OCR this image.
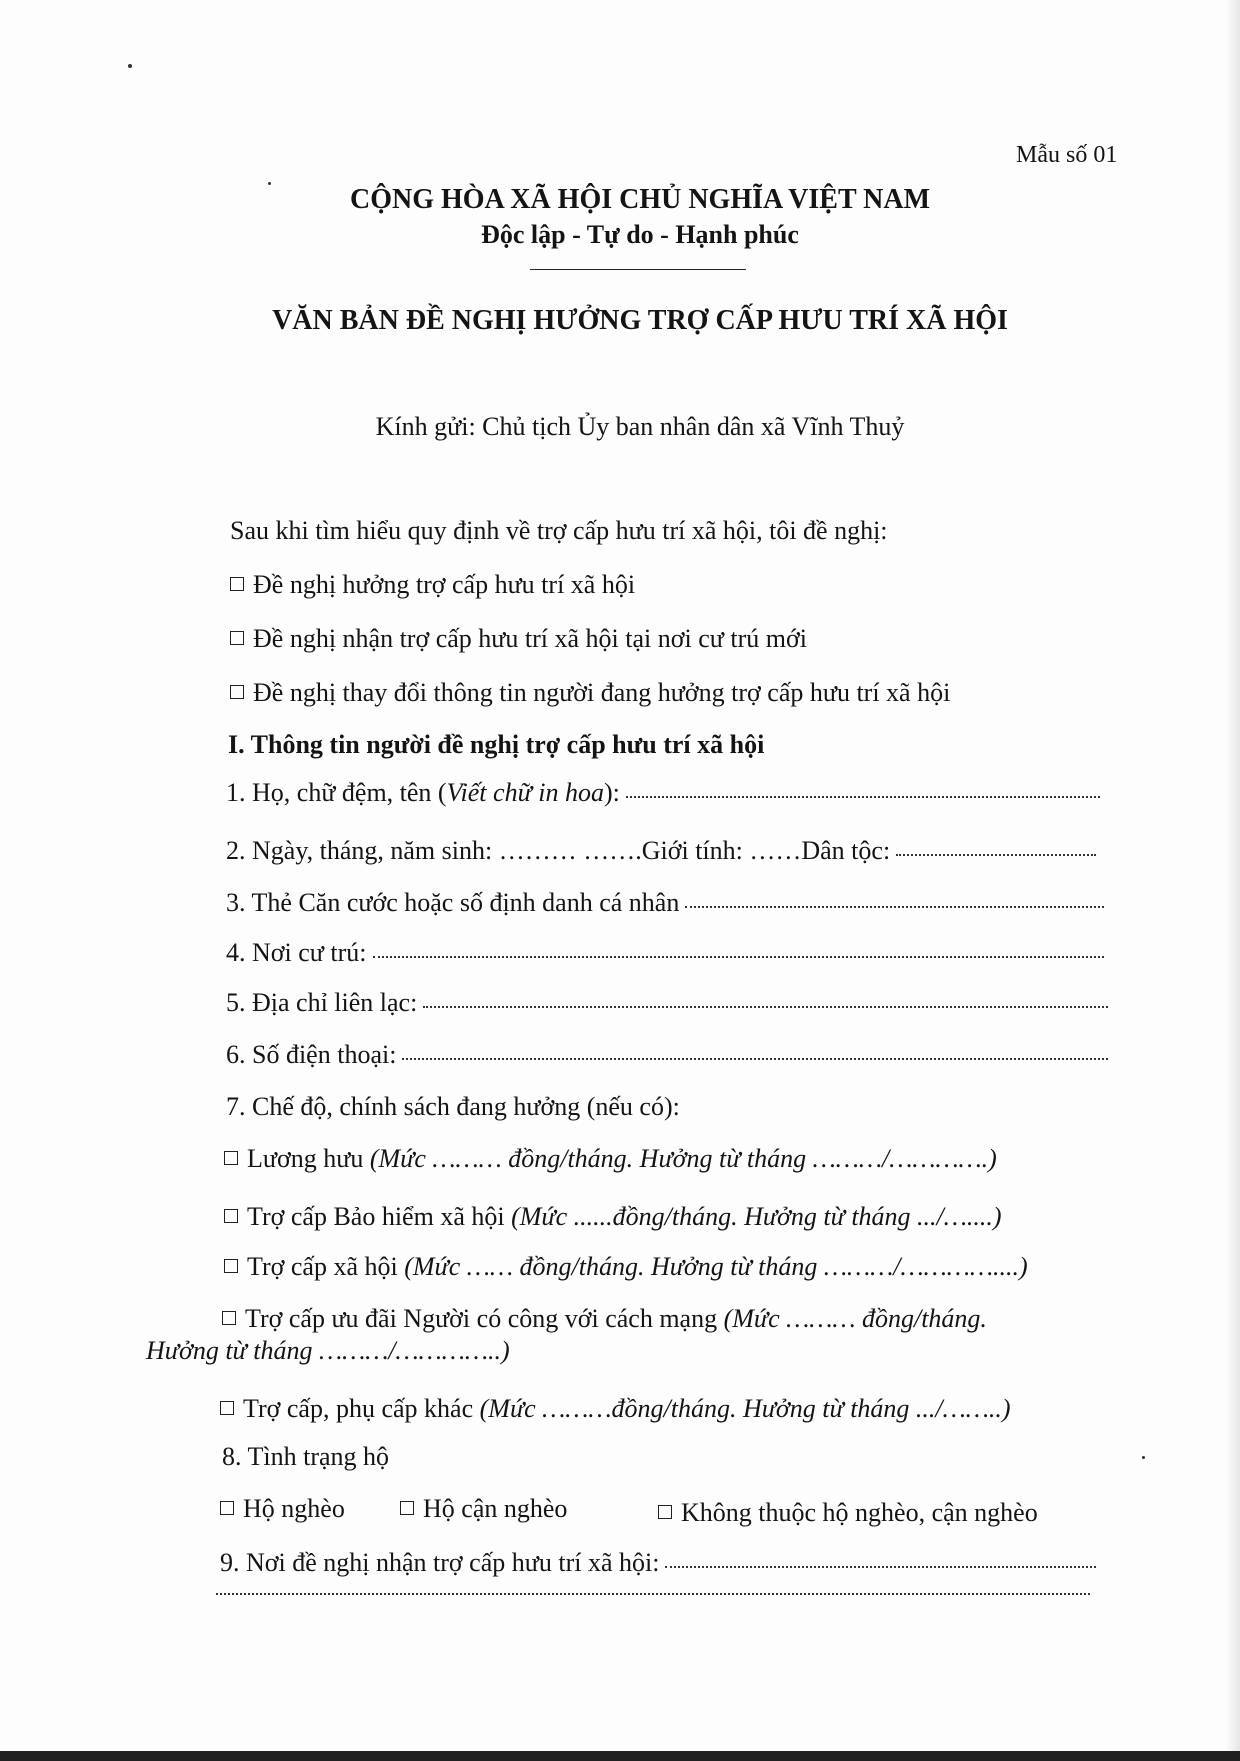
Mẫu số 01
CỘNG HÒA XÃ HỘI CHỦ NGHĨA VIỆT NAM
Độc lập - Tự do - Hạnh phúc
VĂN BẢN ĐỀ NGHỊ HƯỞNG TRỢ CẤP HƯU TRÍ XÃ HỘI
Kính gửi: Chủ tịch Ủy ban nhân dân xã Vĩnh Thuỷ
Sau khi tìm hiểu quy định về trợ cấp hưu trí xã hội, tôi đề nghị:
Đề nghị hưởng trợ cấp hưu trí xã hội
Đề nghị nhận trợ cấp hưu trí xã hội tại nơi cư trú mới
Đề nghị thay đổi thông tin người đang hưởng trợ cấp hưu trí xã hội
I. Thông tin người đề nghị trợ cấp hưu trí xã hội
1. Họ, chữ đệm, tên (Viết chữ in hoa):
2. Ngày, tháng, năm sinh: ……… …….Giới tính: ……Dân tộc:
3. Thẻ Căn cước hoặc số định danh cá nhân
4. Nơi cư trú:
5. Địa chỉ liên lạc:
6. Số điện thoại:
7. Chế độ, chính sách đang hưởng (nếu có):
Lương hưu (Mức ……… đồng/tháng. Hưởng từ tháng ………/………….)
Trợ cấp Bảo hiểm xã hội (Mức ......đồng/tháng. Hưởng từ tháng .../…....)
Trợ cấp xã hội (Mức …… đồng/tháng. Hưởng từ tháng ………/…………....)
Trợ cấp ưu đãi Người có công với cách mạng (Mức ……… đồng/tháng.
Hưởng từ tháng ………/…………..)
Trợ cấp, phụ cấp khác (Mức ………đồng/tháng. Hưởng từ tháng .../……..)
8. Tình trạng hộ
Hộ nghèo	Hộ cận nghèo	Không thuộc hộ nghèo, cận nghèo
9. Nơi đề nghị nhận trợ cấp hưu trí xã hội:
